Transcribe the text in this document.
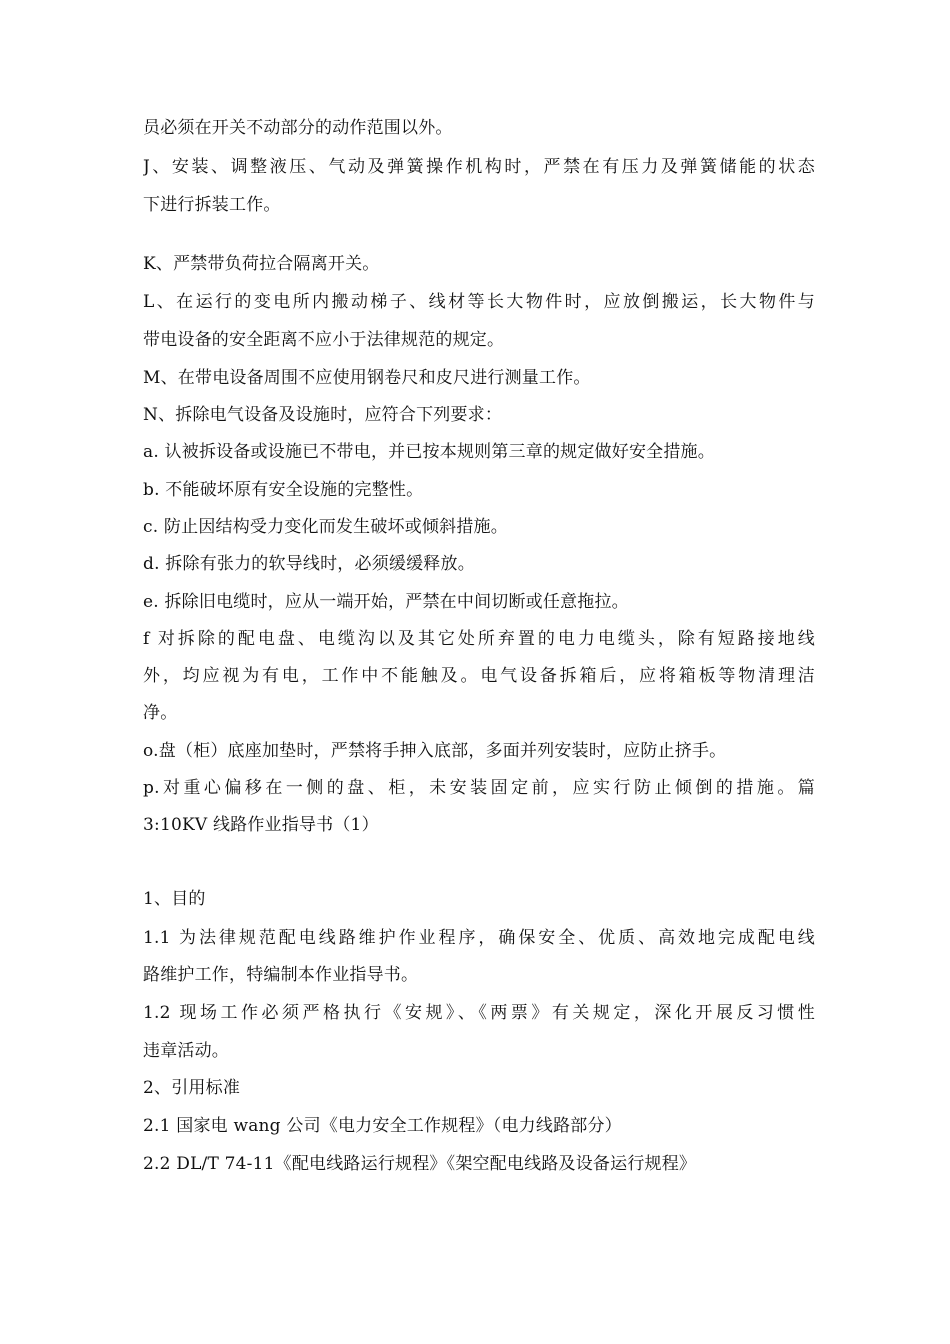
员必须在开关不动部分的动作范围以外。
J、安装、调整液压、气动及弹簧操作机构时，严禁在有压力及弹簧储能的状态
下进行拆装工作。
K、严禁带负荷拉合隔离开关。
L、在运行的变电所内搬动梯子、线材等长大物件时，应放倒搬运，长大物件与
带电设备的安全距离不应小于法律规范的规定。
M、在带电设备周围不应使用钢卷尺和皮尺进行测量工作。
N、拆除电气设备及设施时，应符合下列要求：
a. 认被拆设备或设施已不带电，并已按本规则第三章的规定做好安全措施。
b. 不能破坏原有安全设施的完整性。
c. 防止因结构受力变化而发生破坏或倾斜措施。
d. 拆除有张力的软导线时，必须缓缓释放。
e. 拆除旧电缆时，应从一端开始，严禁在中间切断或任意拖拉。
f 对拆除的配电盘、电缆沟以及其它处所弃置的电力电缆头，除有短路接地线
外，均应视为有电，工作中不能触及。电气设备拆箱后，应将箱板等物清理洁
净。
o.盘（柜）底座加垫时，严禁将手抻入底部，多面并列安装时，应防止挤手。
p.对重心偏移在一侧的盘、柜，未安装固定前，应实行防止倾倒的措施。篇
3:10KV 线路作业指导书（1）
1、目的
1.1 为法律规范配电线路维护作业程序，确保安全、优质、高效地完成配电线
路维护工作，特编制本作业指导书。
1.2 现场工作必须严格执行《安规》、《两票》有关规定，深化开展反习惯性
违章活动。
2、引用标准
2.1 国家电 wang 公司《电力安全工作规程》（电力线路部分）
2.2 DL/T 74-11《配电线路运行规程》《架空配电线路及设备运行规程》
